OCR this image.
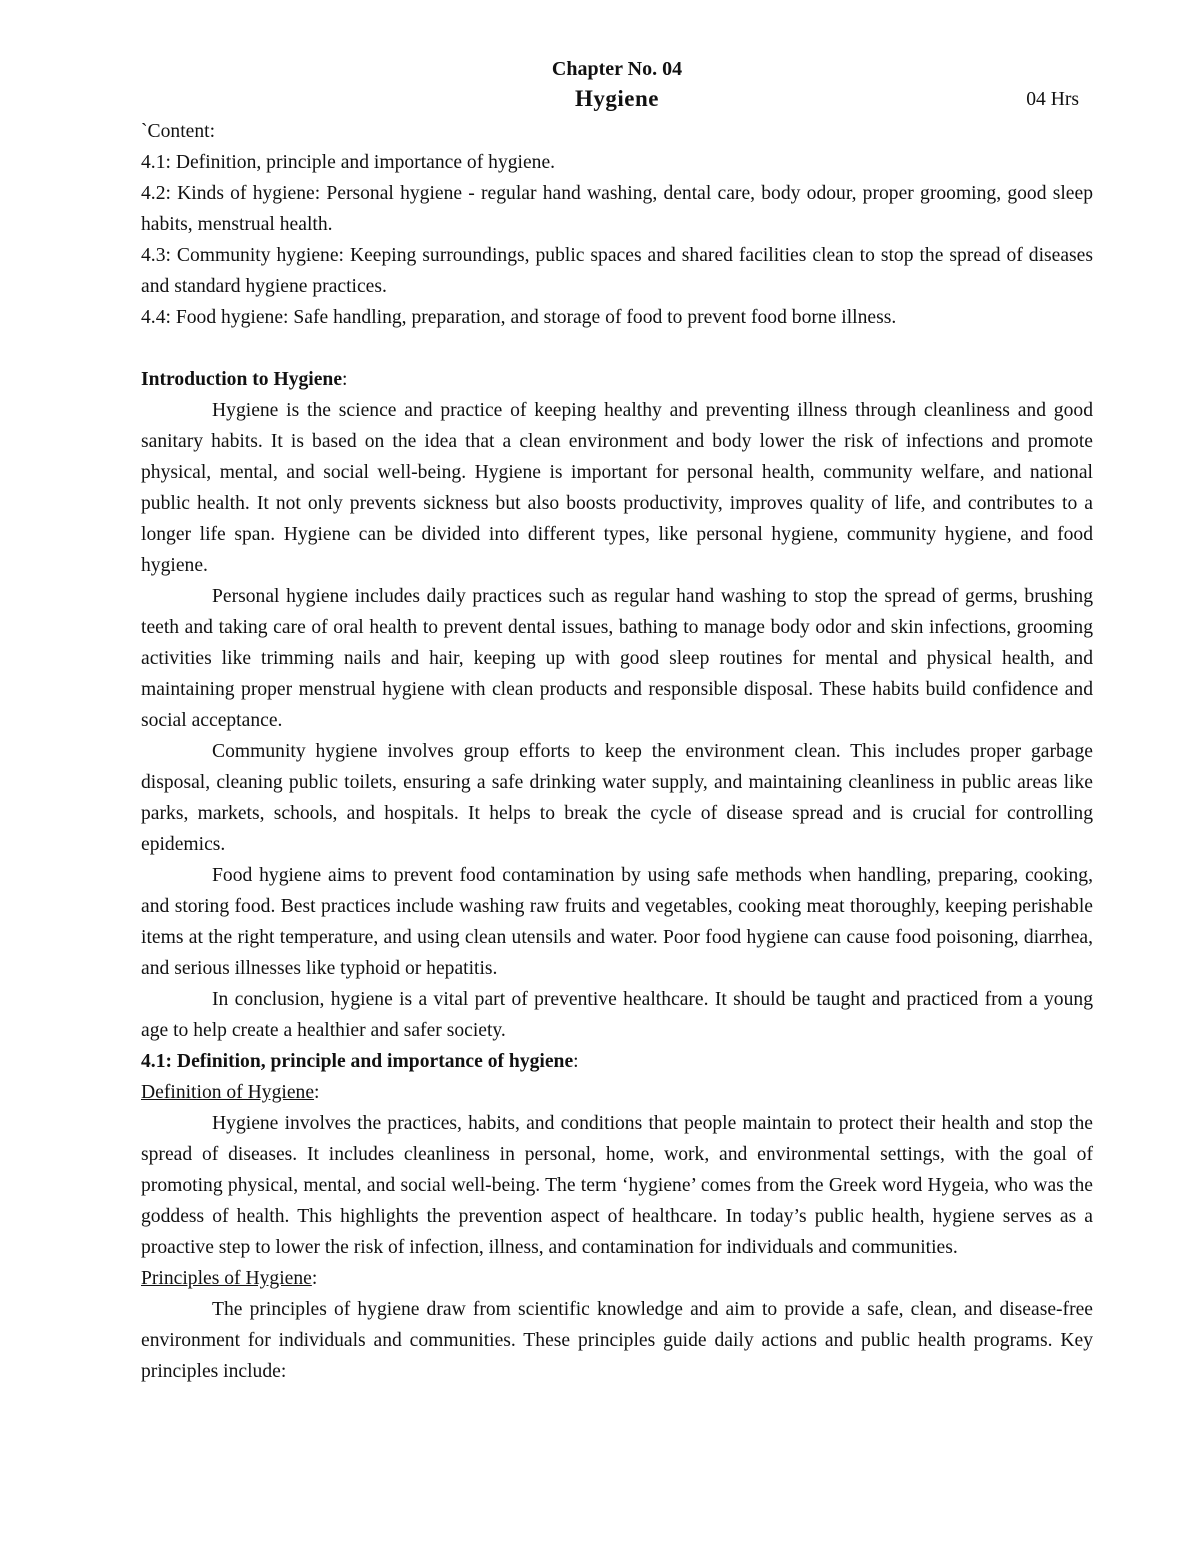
Chapter No. 04

Hygiene	04 Hrs

`Content:

4.1: Definition, principle and importance of hygiene.

4.2: Kinds of hygiene: Personal hygiene - regular hand washing, dental care, body odour, proper grooming, good sleep habits, menstrual health.

4.3: Community hygiene: Keeping surroundings, public spaces and shared facilities clean to stop the spread of diseases and standard hygiene practices.

4.4: Food hygiene: Safe handling, preparation, and storage of food to prevent food borne illness.

Introduction to Hygiene:

Hygiene is the science and practice of keeping healthy and preventing illness through cleanliness and good sanitary habits. It is based on the idea that a clean environment and body lower the risk of infections and promote physical, mental, and social well-being. Hygiene is important for personal health, community welfare, and national public health. It not only prevents sickness but also boosts productivity, improves quality of life, and contributes to a longer life span. Hygiene can be divided into different types, like personal hygiene, community hygiene, and food hygiene.

Personal hygiene includes daily practices such as regular hand washing to stop the spread of germs, brushing teeth and taking care of oral health to prevent dental issues, bathing to manage body odor and skin infections, grooming activities like trimming nails and hair, keeping up with good sleep routines for mental and physical health, and maintaining proper menstrual hygiene with clean products and responsible disposal. These habits build confidence and social acceptance.

Community hygiene involves group efforts to keep the environment clean. This includes proper garbage disposal, cleaning public toilets, ensuring a safe drinking water supply, and maintaining cleanliness in public areas like parks, markets, schools, and hospitals. It helps to break the cycle of disease spread and is crucial for controlling epidemics.

Food hygiene aims to prevent food contamination by using safe methods when handling, preparing, cooking, and storing food. Best practices include washing raw fruits and vegetables, cooking meat thoroughly, keeping perishable items at the right temperature, and using clean utensils and water. Poor food hygiene can cause food poisoning, diarrhea, and serious illnesses like typhoid or hepatitis.

In conclusion, hygiene is a vital part of preventive healthcare. It should be taught and practiced from a young age to help create a healthier and safer society.

4.1: Definition, principle and importance of hygiene:

Definition of Hygiene:

Hygiene involves the practices, habits, and conditions that people maintain to protect their health and stop the spread of diseases. It includes cleanliness in personal, home, work, and environmental settings, with the goal of promoting physical, mental, and social well-being. The term ‘hygiene’ comes from the Greek word Hygeia, who was the goddess of health. This highlights the prevention aspect of healthcare. In today’s public health, hygiene serves as a proactive step to lower the risk of infection, illness, and contamination for individuals and communities.

Principles of Hygiene:

The principles of hygiene draw from scientific knowledge and aim to provide a safe, clean, and disease-free environment for individuals and communities. These principles guide daily actions and public health programs. Key principles include:
